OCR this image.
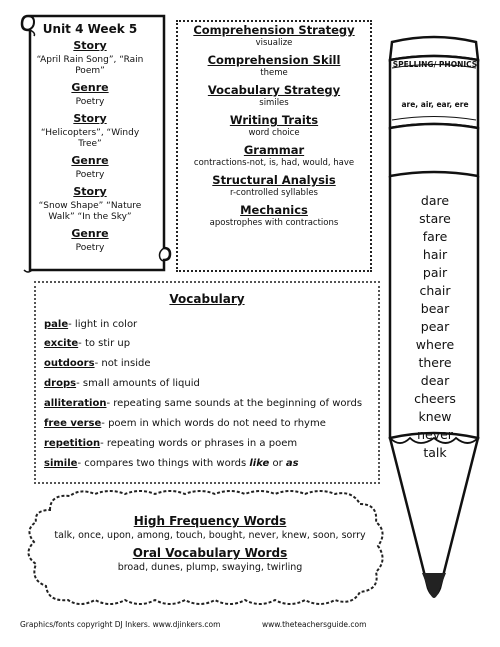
Unit 4 Week 5
Story
“April Rain Song”, “Rain Poem”
Genre
Poetry
Story
“Helicopters”, “Windy Tree”
Genre
Poetry
Story
“Snow Shape” “Nature Walk” “In the Sky”
Genre
Poetry
Comprehension Strategy
visualize
Comprehension Skill
theme
Vocabulary Strategy
similes
Writing Traits
word choice
Grammar
contractions-not, is, had, would, have
Structural Analysis
r-controlled syllables
Mechanics
apostrophes with contractions
Vocabulary
pale- light in color
excite- to stir up
outdoors- not inside
drops- small amounts of liquid
alliteration- repeating same sounds at the beginning of words
free verse- poem in which words do not need to rhyme
repetition- repeating words or phrases in a poem
simile- compares two things with words like or as
High Frequency Words
talk, once, upon, among, touch, bought, never, knew, soon, sorry
Oral Vocabulary Words
broad, dunes, plump, swaying, twirling
SPELLING/ PHONICS
are, air, ear, ere
dare
stare
fare
hair
pair
chair
bear
pear
where
there
dear
cheers
knew
never
talk
Graphics/fonts copyright DJ Inkers. www.djinkers.com	www.theteachersguide.com
